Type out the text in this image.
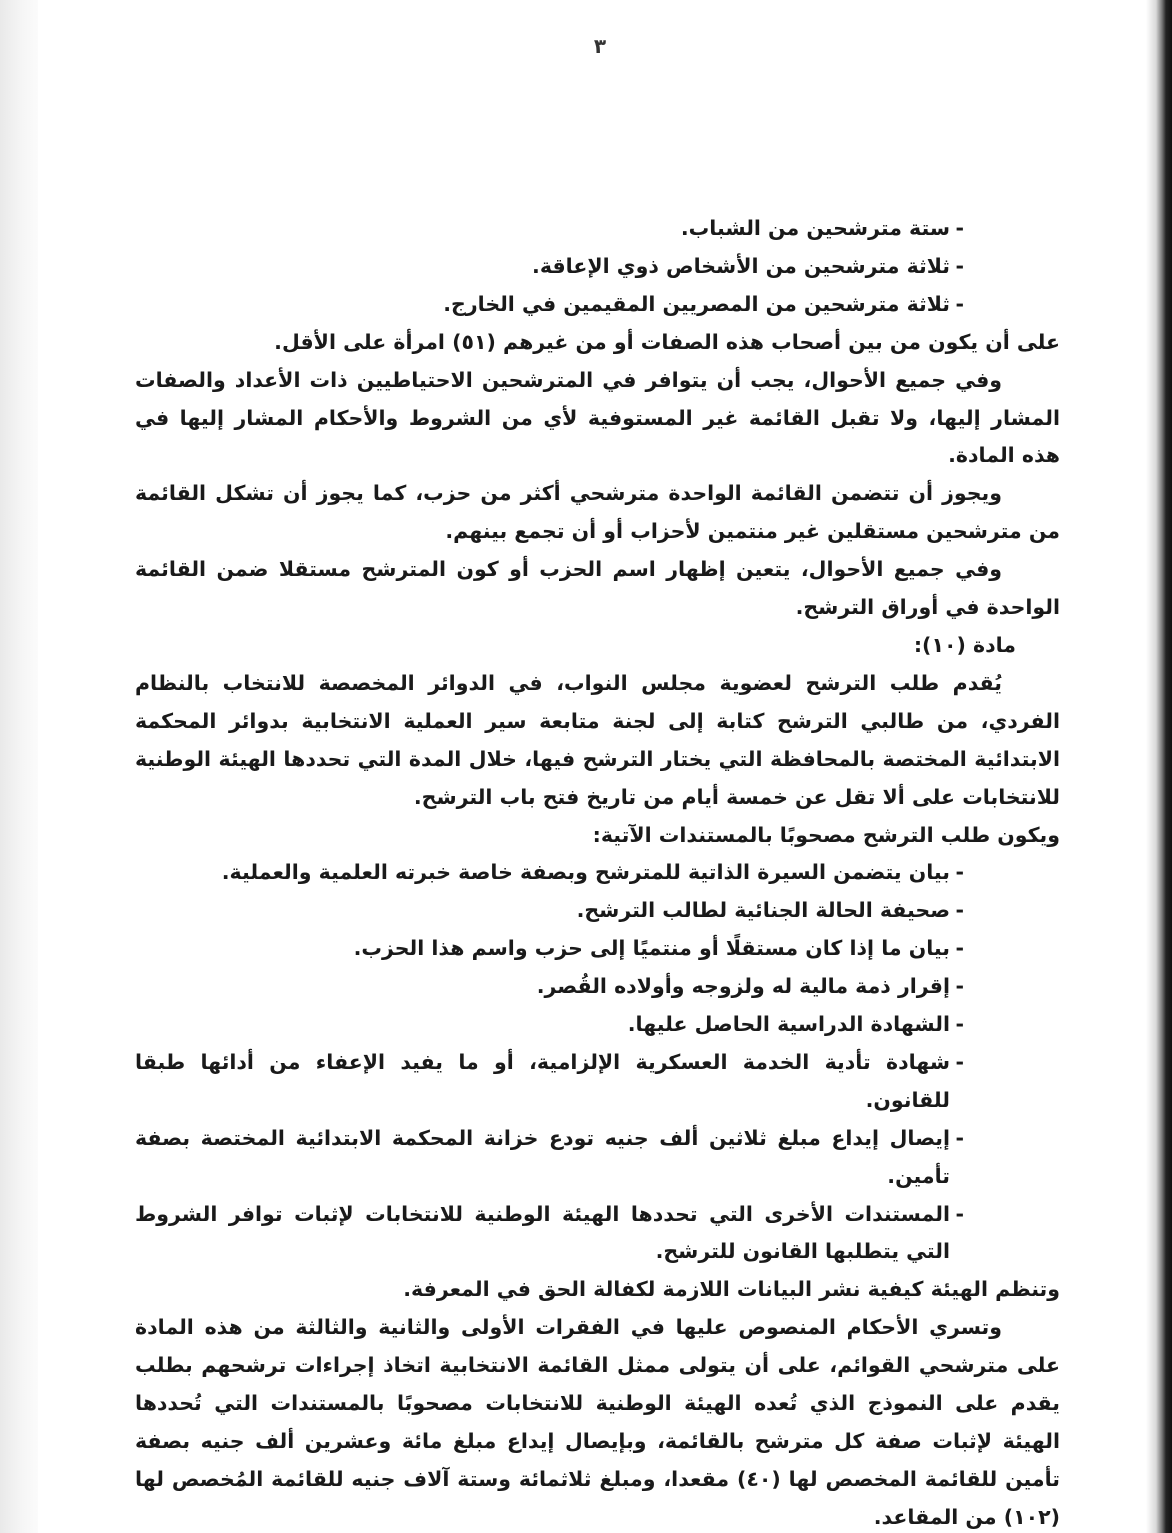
٣

-
ستة مترشحين من الشباب.

-
ثلاثة مترشحين من الأشخاص ذوي الإعاقة.

-
ثلاثة مترشحين من المصريين المقيمين في الخارج.

على أن يكون من بين أصحاب هذه الصفات أو من غيرهم (٥١) امرأة على الأقل.

وفي جميع الأحوال، يجب أن يتوافر في المترشحين الاحتياطيين ذات الأعداد والصفات المشار إليها، ولا تقبل القائمة غير المستوفية لأي من الشروط والأحكام المشار إليها في هذه المادة.

ويجوز أن تتضمن القائمة الواحدة مترشحي أكثر من حزب، كما يجوز أن تشكل القائمة من مترشحين مستقلين غير منتمين لأحزاب أو أن تجمع بينهم.

وفي جميع الأحوال، يتعين إظهار اسم الحزب أو كون المترشح مستقلا ضمن القائمة الواحدة في أوراق الترشح.

مادة (١٠):

يُقدم طلب الترشح لعضوية مجلس النواب، في الدوائر المخصصة للانتخاب بالنظام الفردي، من طالبي الترشح كتابة إلى لجنة متابعة سير العملية الانتخابية بدوائر المحكمة الابتدائية المختصة بالمحافظة التي يختار الترشح فيها، خلال المدة التي تحددها الهيئة الوطنية للانتخابات على ألا تقل عن خمسة أيام من تاريخ فتح باب الترشح.

ويكون طلب الترشح مصحوبًا بالمستندات الآتية:

-
بيان يتضمن السيرة الذاتية للمترشح وبصفة خاصة خبرته العلمية والعملية.

-
صحيفة الحالة الجنائية لطالب الترشح.

-
بيان ما إذا كان مستقلًا أو منتميًا إلى حزب واسم هذا الحزب.

-
إقرار ذمة مالية له ولزوجه وأولاده القُصر.

-
الشهادة الدراسية الحاصل عليها.

-
شهادة تأدية الخدمة العسكرية الإلزامية، أو ما يفيد الإعفاء من أدائها طبقا للقانون.

-
إيصال إيداع مبلغ ثلاثين ألف جنيه تودع خزانة المحكمة الابتدائية المختصة بصفة تأمين.

-
المستندات الأخرى التي تحددها الهيئة الوطنية للانتخابات لإثبات توافر الشروط التي يتطلبها القانون للترشح.

وتنظم الهيئة كيفية نشر البيانات اللازمة لكفالة الحق في المعرفة.

وتسري الأحكام المنصوص عليها في الفقرات الأولى والثانية والثالثة من هذه المادة على مترشحي القوائم، على أن يتولى ممثل القائمة الانتخابية اتخاذ إجراءات ترشحهم بطلب يقدم على النموذج الذي تُعده الهيئة الوطنية للانتخابات مصحوبًا بالمستندات التي تُحددها الهيئة لإثبات صفة كل مترشح بالقائمة، وبإيصال إيداع مبلغ مائة وعشرين ألف جنيه بصفة تأمين للقائمة المخصص لها (٤٠) مقعدا، ومبلغ ثلاثمائة وستة آلاف جنيه للقائمة المُخصص لها (١٠٢) من المقاعد.
